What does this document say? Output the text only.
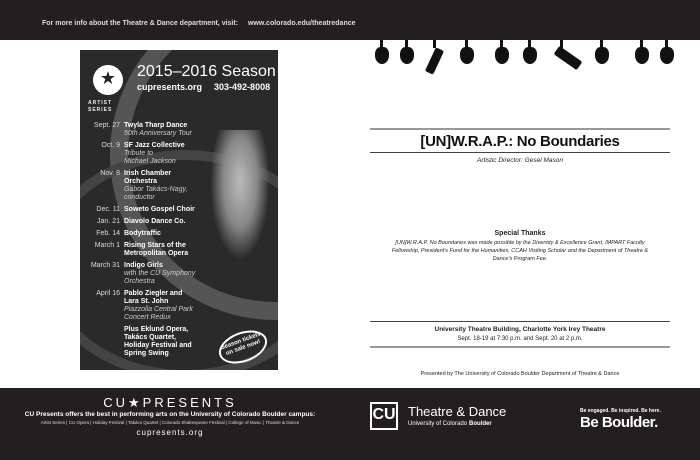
For more info about the Theatre & Dance department, visit: www.colorado.edu/theatredance
★
ARTIST SERIES
2015–2016 Season
cupresents.org 303-492-8008
Sept. 27 Twyla Tharp Dance
50th Anniversary Tour
Oct. 9 SF Jazz Collective
Tribute to
Michael Jackson
Nov. 8 Irish Chamber
Orchestra
Gábor Takács-Nagy,
conductor
Dec. 11 Soweto Gospel Choir
Jan. 21 Diavolo Dance Co.
Feb. 14 Bodytraffic
March 1 Rising Stars of the
Metropolitan Opera
March 31 Indigo Girls
with the CU Symphony
Orchestra
April 16 Pablo Ziegler and
Lara St. John
Piazzolla Central Park
Concert Redux
Plus Eklund Opera,
Takács Quartet,
Holiday Festival and
Spring Swing
Season tickets on sale now!
[UN]W.R.A.P.: No Boundaries
Artistic Director: Gesel Mason
Special Thanks
[UN]W.R.A.P. No Boundaries was made possible by the Diversity & Excellence Grant, IMPART Faculty Fellowship, President's Fund for the Humanities, CCAH Visiting Scholar and the Department of Theatre & Dance's Program Fee.
University Theatre Building, Charlotte York Irey Theatre
Sept. 18-19 at 7:30 p.m. and Sept. 20 at 2 p.m.
Presented by The University of Colorado Boulder Department of Theatre & Dance
CU★PRESENTS
CU Presents offers the best in performing arts on the University of Colorado Boulder campus:
Artist Series | CU Opera | Holiday Festival | Takács Quartet | Colorado Shakespeare Festival | College of Music | Theatre & Dance
cupresents.org
CU Theatre & Dance
University of Colorado Boulder
Be engaged. Be inspired. Be here.
Be Boulder.
